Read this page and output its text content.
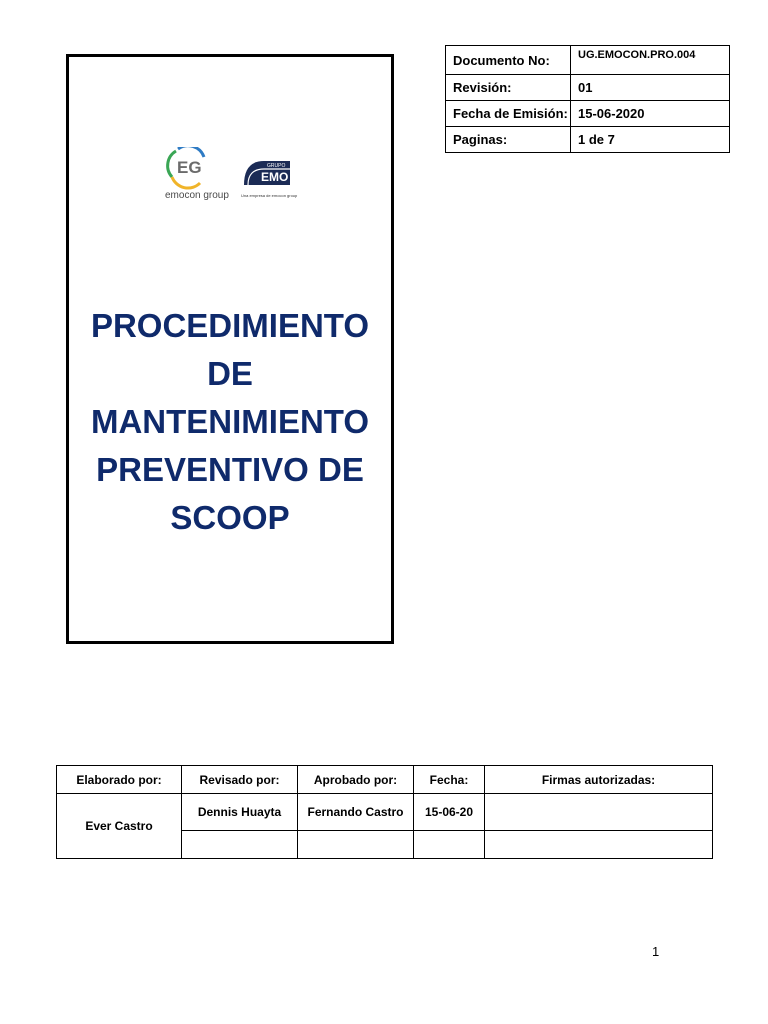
Documento No:	UG.EMOCON.PRO.004
Revisión:	01
Fecha de Emisión:	15-06-2020
Paginas:	1 de 7
EG
emocon group
GRUPO
EMO
Una empresa de emocon group
PROCEDIMIENTO
DE
MANTENIMIENTO
PREVENTIVO DE
SCOOP
Elaborado por:	Revisado por:	Aprobado por:	Fecha:	Firmas autorizadas:
Ever Castro	Dennis Huayta	Fernando Castro	15-06-20	

1
